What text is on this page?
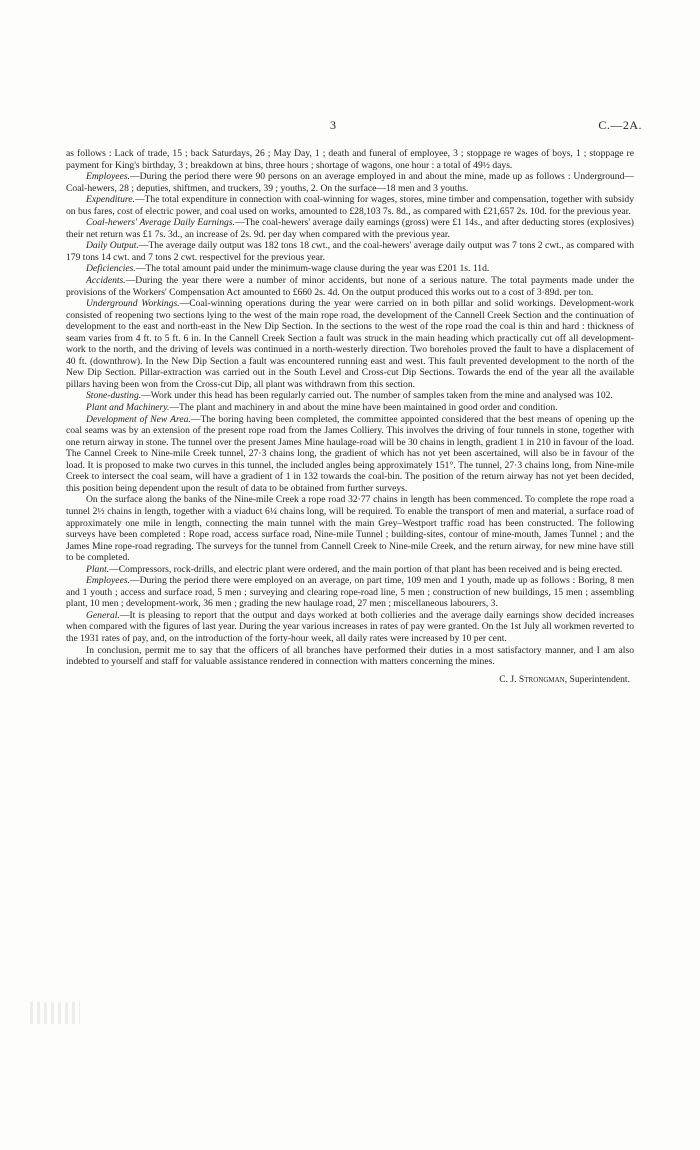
3	C.—2A.

as follows : Lack of trade, 15 ; back Saturdays, 26 ; May Day, 1 ; death and funeral of employee, 3 ; stoppage re wages of boys, 1 ; stoppage re payment for King's birthday, 3 ; breakdown at bins, three hours ; shortage of wagons, one hour : a total of 49½ days.

Employees.—During the period there were 90 persons on an average employed in and about the mine, made up as follows : Underground—Coal-hewers, 28 ; deputies, shiftmen, and truckers, 39 ; youths, 2. On the surface—18 men and 3 youths.

Expenditure.—The total expenditure in connection with coal-winning for wages, stores, mine timber and compensation, together with subsidy on bus fares, cost of electric power, and coal used on works, amounted to £28,103 7s. 8d., as compared with £21,657 2s. 10d. for the previous year.

Coal-hewers' Average Daily Earnings.—The coal-hewers' average daily earnings (gross) were £1 14s., and after deducting stores (explosives) their net return was £1 7s. 3d., an increase of 2s. 9d. per day when compared with the previous year.

Daily Output.—The average daily output was 182 tons 18 cwt., and the coal-hewers' average daily output was 7 tons 2 cwt., as compared with 179 tons 14 cwt. and 7 tons 2 cwt. respectivel for the previous year.

Deficiencies.—The total amount paid under the minimum-wage clause during the year was £201 1s. 11d.

Accidents.—During the year there were a number of minor accidents, but none of a serious nature. The total payments made under the provisions of the Workers' Compensation Act amounted to £660 2s. 4d. On the output produced this works out to a cost of 3·89d. per ton.

Underground Workings.—Coal-winning operations during the year were carried on in both pillar and solid workings. Development-work consisted of reopening two sections lying to the west of the main rope road, the development of the Cannell Creek Section and the continuation of development to the east and north-east in the New Dip Section. In the sections to the west of the rope road the coal is thin and hard : thickness of seam varies from 4 ft. to 5 ft. 6 in. In the Cannell Creek Section a fault was struck in the main heading which practically cut off all development-work to the north, and the driving of levels was continued in a north-westerly direction. Two boreholes proved the fault to have a displacement of 40 ft. (downthrow). In the New Dip Section a fault was encountered running east and west. This fault prevented development to the north of the New Dip Section. Pillar-extraction was carried out in the South Level and Cross-cut Dip Sections. Towards the end of the year all the available pillars having been won from the Cross-cut Dip, all plant was withdrawn from this section.

Stone-dusting.—Work under this head has been regularly carried out. The number of samples taken from the mine and analysed was 102.

Plant and Machinery.—The plant and machinery in and about the mine have been maintained in good order and condition.

Development of New Area.—The boring having been completed, the committee appointed considered that the best means of opening up the coal seams was by an extension of the present rope road from the James Colliery. This involves the driving of four tunnels in stone, together with one return airway in stone. The tunnel over the present James Mine haulage-road will be 30 chains in length, gradient 1 in 210 in favour of the load. The Cannel Creek to Nine-mile Creek tunnel, 27·3 chains long, the gradient of which has not yet been ascertained, will also be in favour of the load. It is proposed to make two curves in this tunnel, the included angles being approximately 151°. The tunnel, 27·3 chains long, from Nine-mile Creek to intersect the coal seam, will have a gradient of 1 in 132 towards the coal-bin. The position of the return airway has not yet been decided, this position being dependent upon the result of data to be obtained from further surveys.

On the surface along the banks of the Nine-mile Creek a rope road 32·77 chains in length has been commenced. To complete the rope road a tunnel 2½ chains in length, together with a viaduct 6¼ chains long, will be required. To enable the transport of men and material, a surface road of approximately one mile in length, connecting the main tunnel with the main Grey–Westport traffic road has been constructed. The following surveys have been completed : Rope road, access surface road, Nine-mile Tunnel ; building-sites, contour of mine-mouth, James Tunnel ; and the James Mine rope-road regrading. The surveys for the tunnel from Cannell Creek to Nine-mile Creek, and the return airway, for new mine have still to be completed.

Plant.—Compressors, rock-drills, and electric plant were ordered, and the main portion of that plant has been received and is being erected.

Employees.—During the period there were employed on an average, on part time, 109 men and 1 youth, made up as follows : Boring, 8 men and 1 youth ; access and surface road, 5 men ; surveying and clearing rope-road line, 5 men ; construction of new buildings, 15 men ; assembling plant, 10 men ; development-work, 36 men ; grading the new haulage road, 27 men ; miscellaneous labourers, 3.

General.—It is pleasing to report that the output and days worked at both collieries and the average daily earnings show decided increases when compared with the figures of last year. During the year various increases in rates of pay were granted. On the 1st July all workmen reverted to the 1931 rates of pay, and, on the introduction of the forty-hour week, all daily rates were increased by 10 per cent.

In conclusion, permit me to say that the officers of all branches have performed their duties in a most satisfactory manner, and I am also indebted to yourself and staff for valuable assistance rendered in connection with matters concerning the mines.

C. J. Strongman, Superintendent.
